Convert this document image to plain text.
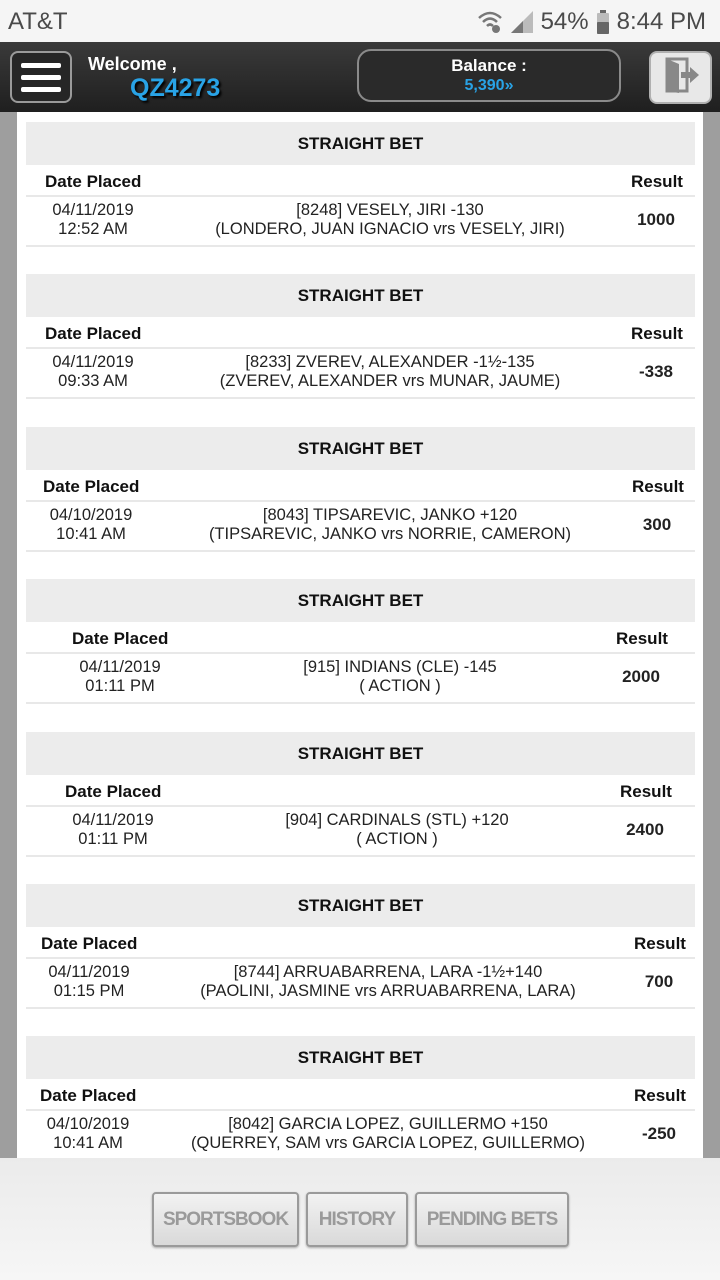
AT&T	54% 8:44 PM
Welcome ,
QZ4273
Balance :
5,390»
STRAIGHT BET
Date Placed	Result
04/11/2019
12:52 AM
[8248] VESELY, JIRI -130
(LONDERO, JUAN IGNACIO vrs VESELY, JIRI)	1000
STRAIGHT BET
Date Placed	Result
04/11/2019
09:33 AM
[8233] ZVEREV, ALEXANDER -1½-135
(ZVEREV, ALEXANDER vrs MUNAR, JAUME)	-338
STRAIGHT BET
Date Placed	Result
04/10/2019
10:41 AM
[8043] TIPSAREVIC, JANKO +120
(TIPSAREVIC, JANKO vrs NORRIE, CAMERON)	300
STRAIGHT BET
Date Placed	Result
04/11/2019
01:11 PM
[915] INDIANS (CLE) -145
( ACTION )	2000
STRAIGHT BET
Date Placed	Result
04/11/2019
01:11 PM
[904] CARDINALS (STL) +120
( ACTION )	2400
STRAIGHT BET
Date Placed	Result
04/11/2019
01:15 PM
[8744] ARRUABARRENA, LARA -1½+140
(PAOLINI, JASMINE vrs ARRUABARRENA, LARA)	700
STRAIGHT BET
Date Placed	Result
04/10/2019
10:41 AM
[8042] GARCIA LOPEZ, GUILLERMO +150
(QUERREY, SAM vrs GARCIA LOPEZ, GUILLERMO)	-250
SPORTSBOOK	HISTORY	PENDING BETS
